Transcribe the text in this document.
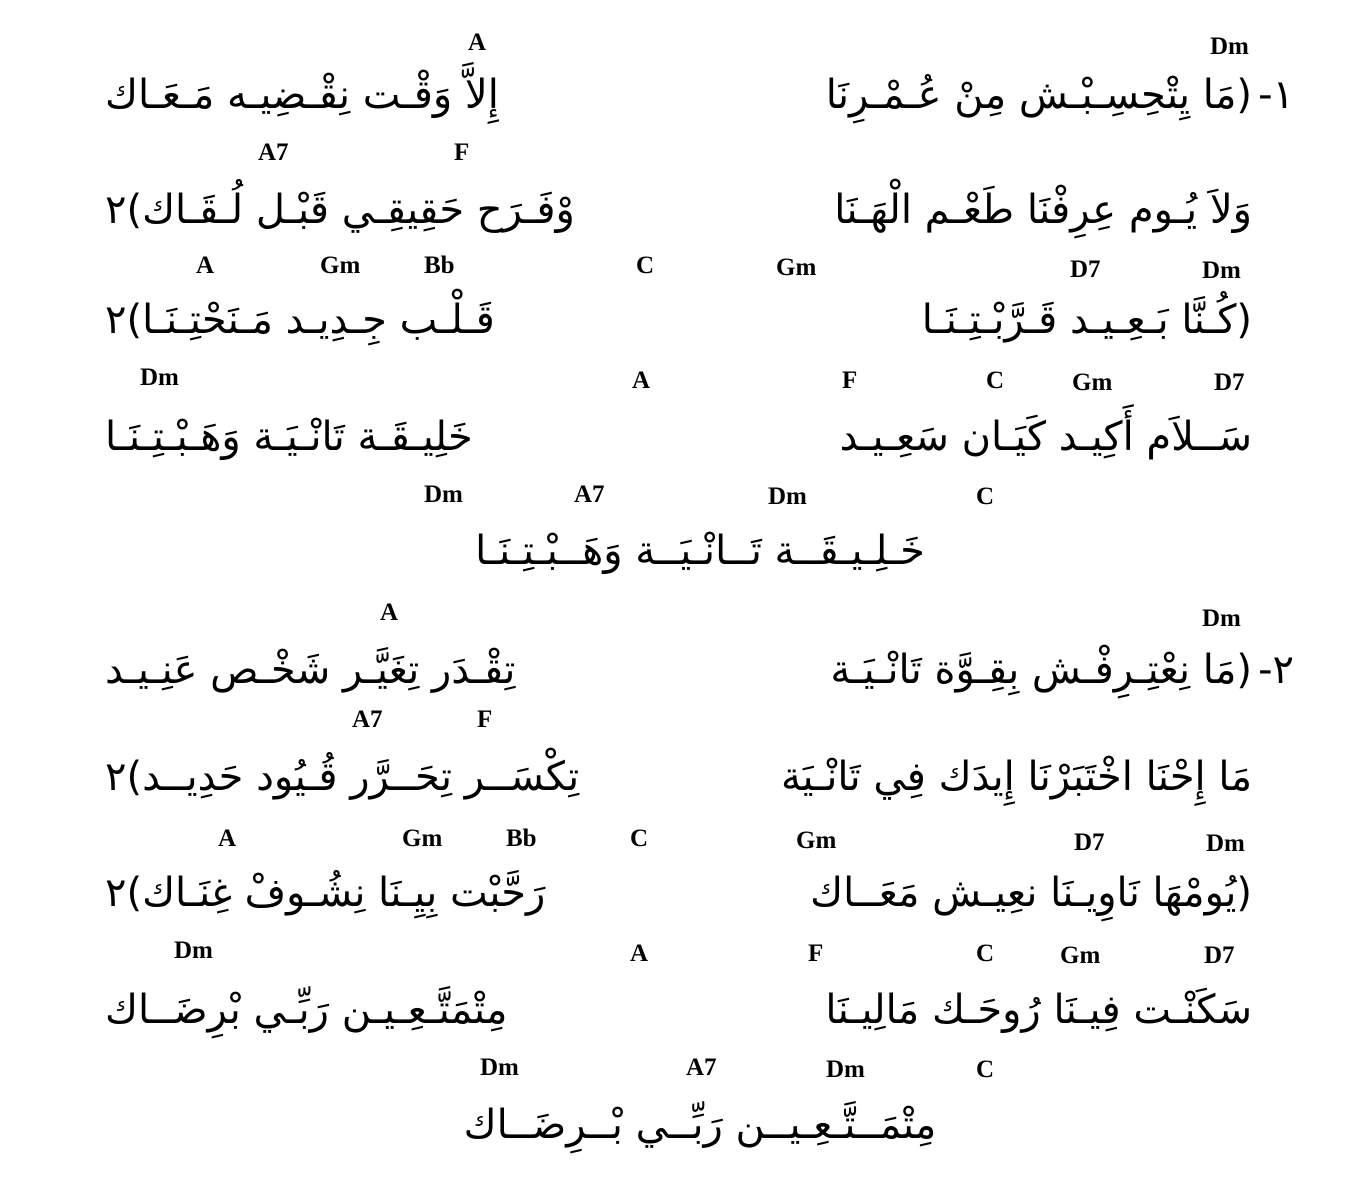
١-
A	Dm
(مَا يِتْحِسِـبْـش مِنْ عُـمْـرِنَا
إِلاَّ وَقْـت نِقْـضِيـه مَـعَـاك
A7	F
وَلاَ يُـوم عِرِفْنَا طَعْـم الْهَـنَا
وْفَـرَح حَقِيقِـي قَبْـل لُـقَـاك)٢
A	Gm	Bb	C	Gm	D7	Dm
(كُـنَّا بَـعِـيـد قَـرَّبْـتِـنَـا
قَـلْـب جِـدِيـد مَـنَحْتِـنَـا)٢
Dm	A	F	C	Gm	D7
سَــلاَم أَكِيـد كَيَـان سَعِـيـد
خَلِيـقَـة تَانْـيَـة وَهَـبْـتِـنَـا
Dm	A7	Dm	C
خَـلِـيـقَــة تَــانْـيَــة وَهَــبْـتِـنَـا
٢-
A	Dm
(مَا نِعْتِـرِفْـش بِقِـوَّة تَانْـيَـة
تِقْـدَر تِغَيَّـر شَخْـص عَنِـيـد
A7	F
مَا إِحْنَا اخْتَبَرْنَا إِيدَك فِي تَانْـيَة
تِكْسَــر تِحَــرَّر قُـيُود حَدِيــد)٢
A	Gm	Bb	C	Gm	D7	Dm
(يُومْهَا نَاوِيـنَا نعِيـش مَعَــاك
رَحَّبْت بِيِـنَا نِشُـوفْ غِنَـاك)٢
Dm	A	F	C	Gm	D7
سَكَنْـت فِيـنَا رُوحَـك مَالِيـنَا
مِتْمَتَّـعِـيـن رَبِّـي بْرِضَــاك
Dm	A7	Dm	C
مِتْمَــتَّـعِـيــن رَبِّــي بْــرِضَــاك
